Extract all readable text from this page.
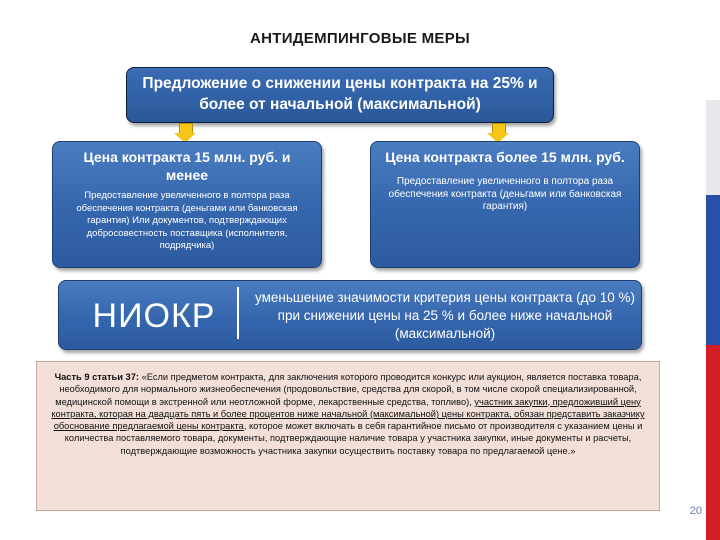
АНТИДЕМПИНГОВЫЕ МЕРЫ
Предложение о снижении цены контракта на 25% и более от начальной (максимальной)
Цена контракта 15 млн. руб. и менее
Предоставление увеличенного в полтора раза обеспечения контракта (деньгами или банковская гарантия) Или документов, подтверждающих добросовестность поставщика (исполнителя, подрядчика)
Цена контракта более 15 млн. руб.
Предоставление увеличенного в полтора раза обеспечения контракта (деньгами или банковская гарантия)
НИОКР	уменьшение значимости критерия цены контракта (до 10 %) при снижении цены на 25 % и более ниже начальной (максимальной)
Часть 9 статьи 37: «Если предметом контракта, для заключения которого проводится конкурс или аукцион, является поставка товара, необходимого для нормального жизнеобеспечения (продовольствие, средства для скорой, в том числе скорой специализированной, медицинской помощи в экстренной или неотложной форме, лекарственные средства, топливо), участник закупки, предложивший цену контракта, которая на двадцать пять и более процентов ниже начальной (максимальной) цены контракта, обязан представить заказчику обоснование предлагаемой цены контракта, которое может включать в себя гарантийное письмо от производителя с указанием цены и количества поставляемого товара, документы, подтверждающие наличие товара у участника закупки, иные документы и расчеты, подтверждающие возможность участника закупки осуществить поставку товара по предлагаемой цене.»
20
